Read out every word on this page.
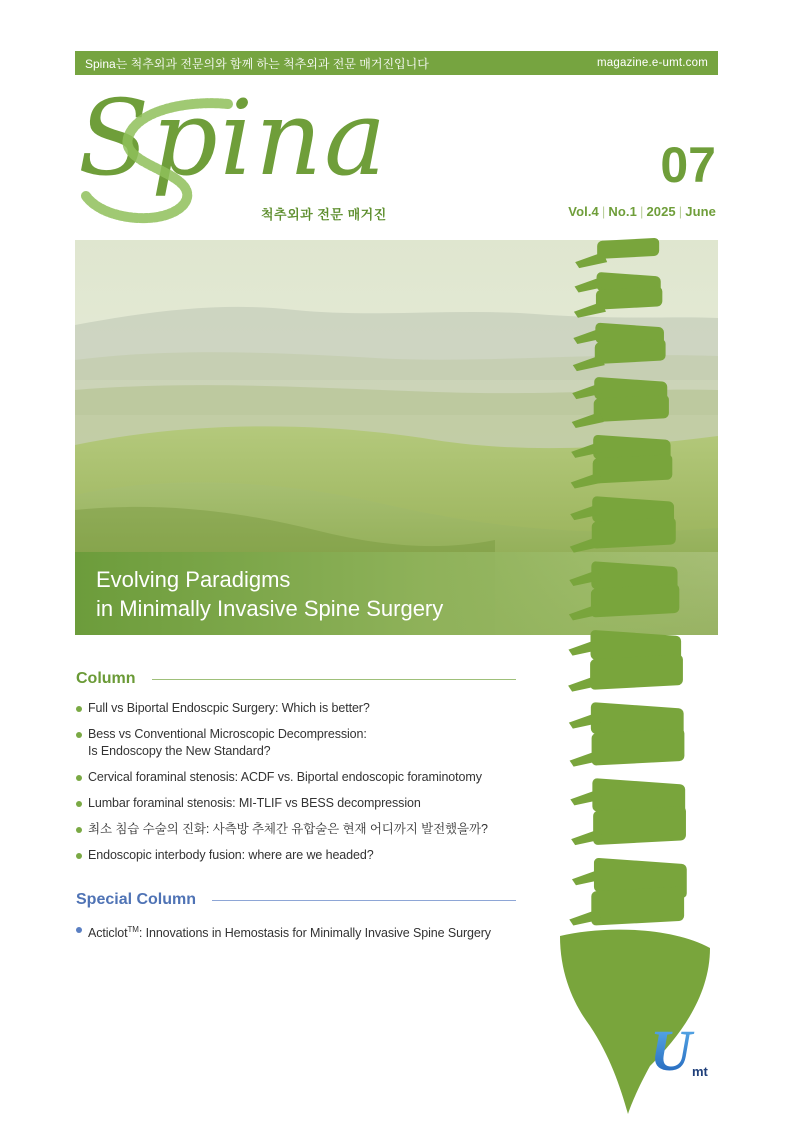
Spina는 척추외과 전문의와 함께 하는 척추외과 전문 매거진입니다	magazine.e-umt.com
Spina
척추외과 전문 매거진
07
Vol.4 | No.1 | 2025 | June
Evolving Paradigms
in Minimally Invasive Spine Surgery
Column
Full vs Biportal Endoscpic Surgery: Which is better?
Bess vs Conventional Microscopic Decompression:
Is Endoscopy the New Standard?
Cervical foraminal stenosis: ACDF vs. Biportal endoscopic foraminotomy
Lumbar foraminal stenosis: MI-TLIF vs BESS decompression
최소 침습 수술의 진화: 사측방 추체간 유합술은 현재 어디까지 발전했을까?
Endoscopic interbody fusion: where are we headed?
Special Column
Acticlot™: Innovations in Hemostasis for Minimally Invasive Spine Surgery
U mt
